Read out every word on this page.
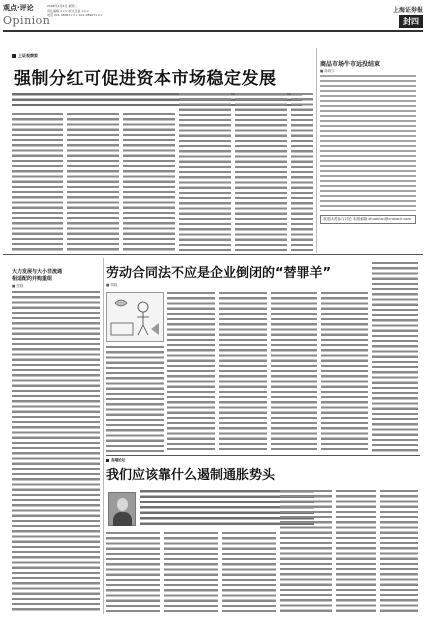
观点·评论	2008年4月8日 星期二
责任编辑 ××× 版式总监 ×××
电话 021-38967××× 021-38967×××
Opinion
上海证券报
封四
上证观察家
强制分红可促进资本市场稳定发展
商品市场牛市远没结束
■ 陈晓宇
欢迎读者参与讨论 本版邮箱 zhuanlan@cnstock.com
大力发展与大小非流通
相适配的并购重组
■ 张晓
劳动合同法不应是企业倒闭的“替罪羊”
■ 胡晓
高端论坛
我们应该靠什么遏制通胀势头
